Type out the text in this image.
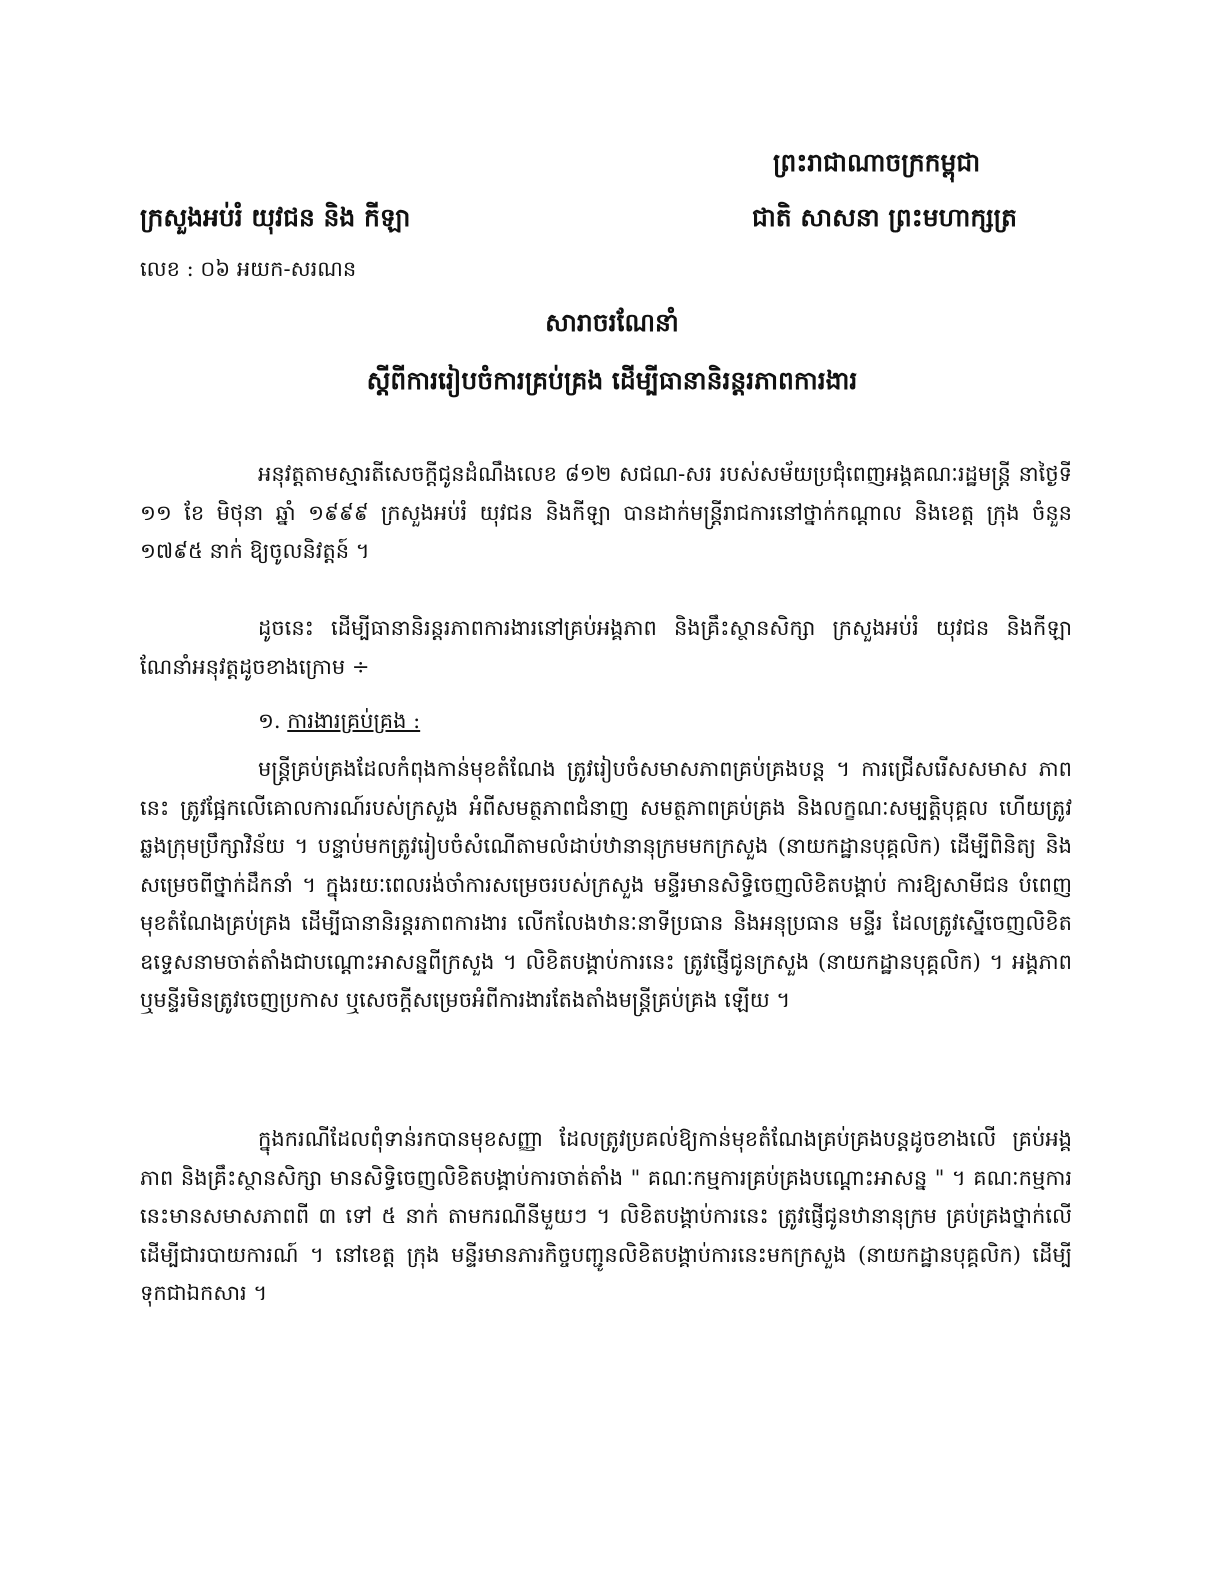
ព្រះរាជាណាចក្រកម្ពុជា
ជាតិ សាសនា ព្រះមហាក្សត្រ
ក្រសួងអប់រំ យុវជន និង កីឡា
លេខ : ០៦ អយក-សរណន
សារាចរណែនាំ
ស្តីពីការរៀបចំការគ្រប់គ្រង ដើម្បីធានានិរន្តរភាពការងារ
អនុវត្តតាមស្មារតីសេចក្តីជូនដំណឹងលេខ ៨១២ សជណ-សរ របស់សម័យប្រជុំពេញអង្គគណៈរដ្ឋមន្ត្រី នាថ្ងៃទី ១១ ខែ មិថុនា ឆ្នាំ ១៩៩៩ ក្រសួងអប់រំ យុវជន និងកីឡា បានដាក់មន្ត្រីរាជការនៅថ្នាក់កណ្តាល និងខេត្ត ក្រុង ចំនួន ១៧៩៥ នាក់ ឱ្យចូលនិវត្តន៍ ។
ដូចនេះ ដើម្បីធានានិរន្តរភាពការងារនៅគ្រប់អង្គភាព និងគ្រឹះស្ថានសិក្សា ក្រសួងអប់រំ យុវជន និងកីឡា ណែនាំអនុវត្តដូចខាងក្រោម ÷
១. ការងារគ្រប់គ្រង :
មន្ត្រីគ្រប់គ្រងដែលកំពុងកាន់មុខតំណែង ត្រូវរៀបចំសមាសភាពគ្រប់គ្រងបន្ត ។ ការជ្រើសរើសសមាស ភាពនេះ ត្រូវផ្អែកលើគោលការណ៍របស់ក្រសួង អំពីសមត្ថភាពជំនាញ សមត្ថភាពគ្រប់គ្រង និងលក្ខណៈសម្បត្តិបុគ្គល ហើយត្រូវឆ្លងក្រុមប្រឹក្សាវិន័យ ។ បន្ទាប់មកត្រូវរៀបចំសំណើតាមលំដាប់ឋានានុក្រមមកក្រសួង (នាយកដ្ឋានបុគ្គលិក) ដើម្បីពិនិត្យ និងសម្រេចពីថ្នាក់ដឹកនាំ ។ ក្នុងរយៈពេលរង់ចាំការសម្រេចរបស់ក្រសួង មន្ទីរមានសិទ្ធិចេញលិខិតបង្គាប់ ការឱ្យសាមីជន បំពេញមុខតំណែងគ្រប់គ្រង ដើម្បីធានានិរន្តរភាពការងារ លើកលែងឋានៈនាទីប្រធាន និងអនុប្រធាន មន្ទីរ ដែលត្រូវស្នើចេញលិខិតឧទ្ទេសនាមចាត់តាំងជាបណ្តោះអាសន្នពីក្រសួង ។ លិខិតបង្គាប់ការនេះ ត្រូវផ្ញើជូនក្រសួង (នាយកដ្ឋានបុគ្គលិក) ។ អង្គភាព ឬមន្ទីរមិនត្រូវចេញប្រកាស ឬសេចក្តីសម្រេចអំពីការងារតែងតាំងមន្ត្រីគ្រប់គ្រង ឡើយ ។
ក្នុងករណីដែលពុំទាន់រកបានមុខសញ្ញា ដែលត្រូវប្រគល់ឱ្យកាន់មុខតំណែងគ្រប់គ្រងបន្តដូចខាងលើ គ្រប់អង្គភាព និងគ្រឹះស្ថានសិក្សា មានសិទ្ធិចេញលិខិតបង្គាប់ការចាត់តាំង " គណៈកម្មការគ្រប់គ្រងបណ្តោះអាសន្ន " ។ គណៈកម្មការនេះមានសមាសភាពពី ៣ ទៅ ៥ នាក់ តាមករណីនីមួយៗ ។ លិខិតបង្គាប់ការនេះ ត្រូវផ្ញើជូនឋានានុក្រម គ្រប់គ្រងថ្នាក់លើ ដើម្បីជារបាយការណ៍ ។ នៅខេត្ត ក្រុង មន្ទីរមានភារកិច្ចបញ្ជូនលិខិតបង្គាប់ការនេះមកក្រសួង (នាយកដ្ឋានបុគ្គលិក) ដើម្បីទុកជាឯកសារ ។
